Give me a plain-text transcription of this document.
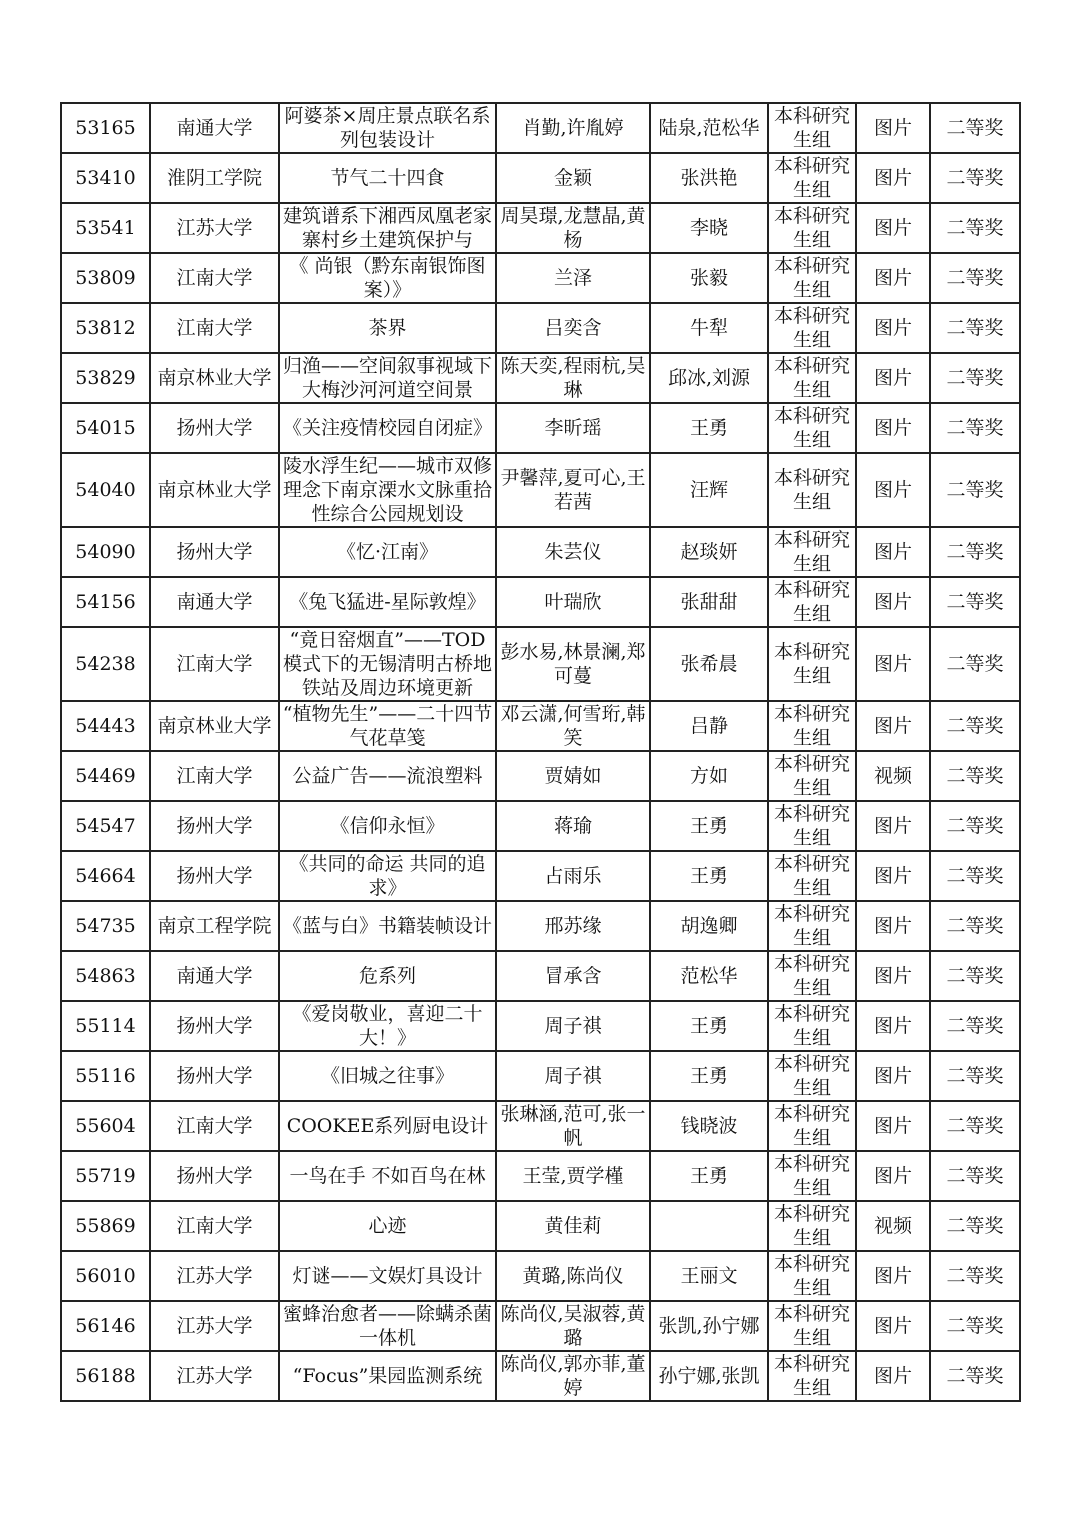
53165	南通大学	阿婆茶×周庄景点联名系列包装设计	肖勤,许胤婷	陆泉,范松华	本科研究生组	图片	二等奖
53410	淮阴工学院	节气二十四食	金颖	张洪艳	本科研究生组	图片	二等奖
53541	江苏大学	建筑谱系下湘西凤凰老家寨村乡土建筑保护与	周昊璟,龙慧晶,黄杨	李晓	本科研究生组	图片	二等奖
53809	江南大学	《 尚银（黔东南银饰图案）》	兰泽	张毅	本科研究生组	图片	二等奖
53812	江南大学	茶界	吕奕含	牛犁	本科研究生组	图片	二等奖
53829	南京林业大学	归渔——空间叙事视域下大梅沙河河道空间景	陈天奕,程雨杭,吴琳	邱冰,刘源	本科研究生组	图片	二等奖
54015	扬州大学	《关注疫情校园自闭症》	李昕瑶	王勇	本科研究生组	图片	二等奖
54040	南京林业大学	陵水浮生纪——城市双修理念下南京溧水文脉重拾性综合公园规划设	尹馨萍,夏可心,王若茜	汪辉	本科研究生组	图片	二等奖
54090	扬州大学	《忆·江南》	朱芸仪	赵琰妍	本科研究生组	图片	二等奖
54156	南通大学	《兔飞猛进-星际敦煌》	叶瑞欣	张甜甜	本科研究生组	图片	二等奖
54238	江南大学	“竟日窑烟直”——TOD模式下的无锡清明古桥地铁站及周边环境更新	彭水易,林景澜,郑可蔓	张希晨	本科研究生组	图片	二等奖
54443	南京林业大学	“植物先生”——二十四节气花草笺	邓云潇,何雪珩,韩笑	吕静	本科研究生组	图片	二等奖
54469	江南大学	公益广告——流浪塑料	贾婧如	方如	本科研究生组	视频	二等奖
54547	扬州大学	《信仰永恒》	蒋瑜	王勇	本科研究生组	图片	二等奖
54664	扬州大学	《共同的命运 共同的追求》	占雨乐	王勇	本科研究生组	图片	二等奖
54735	南京工程学院	《蓝与白》书籍装帧设计	邢苏缘	胡逸卿	本科研究生组	图片	二等奖
54863	南通大学	危系列	冒承含	范松华	本科研究生组	图片	二等奖
55114	扬州大学	《爱岗敬业，喜迎二十大！》	周子祺	王勇	本科研究生组	图片	二等奖
55116	扬州大学	《旧城之往事》	周子祺	王勇	本科研究生组	图片	二等奖
55604	江南大学	COOKEE系列厨电设计	张琳涵,范可,张一帆	钱晓波	本科研究生组	图片	二等奖
55719	扬州大学	一鸟在手 不如百鸟在林	王莹,贾学槿	王勇	本科研究生组	图片	二等奖
55869	江南大学	心迹	黄佳莉		本科研究生组	视频	二等奖
56010	江苏大学	灯谜——文娱灯具设计	黄璐,陈尚仪	王丽文	本科研究生组	图片	二等奖
56146	江苏大学	蜜蜂治愈者——除螨杀菌一体机	陈尚仪,吴淑蓉,黄璐	张凯,孙宁娜	本科研究生组	图片	二等奖
56188	江苏大学	“Focus”果园监测系统	陈尚仪,郭亦菲,董婷	孙宁娜,张凯	本科研究生组	图片	二等奖
